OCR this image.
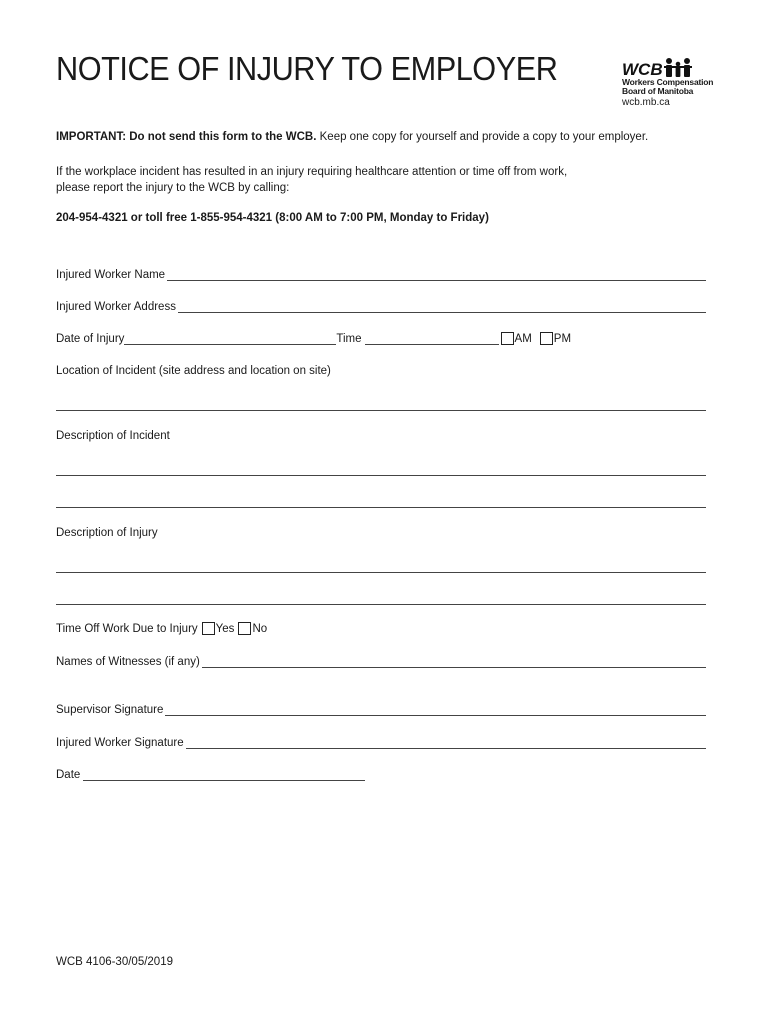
NOTICE OF INJURY TO EMPLOYER	WCB
Workers Compensation
Board of Manitoba
wcb.mb.ca
IMPORTANT: Do not send this form to the WCB. Keep one copy for yourself and provide a copy to your employer.
If the workplace incident has resulted in an injury requiring healthcare attention or time off from work,
please report the injury to the WCB by calling:
204-954-4321 or toll free 1-855-954-4321 (8:00 AM to 7:00 PM, Monday to Friday)
Injured Worker Name
Injured Worker Address
Date of Injury	Time	AM PM
Location of Incident (site address and location on site)
Description of Incident
Description of Injury
Time Off Work Due to Injury Yes No
Names of Witnesses (if any)
Supervisor Signature
Injured Worker Signature
Date
WCB 4106-30/05/2019
